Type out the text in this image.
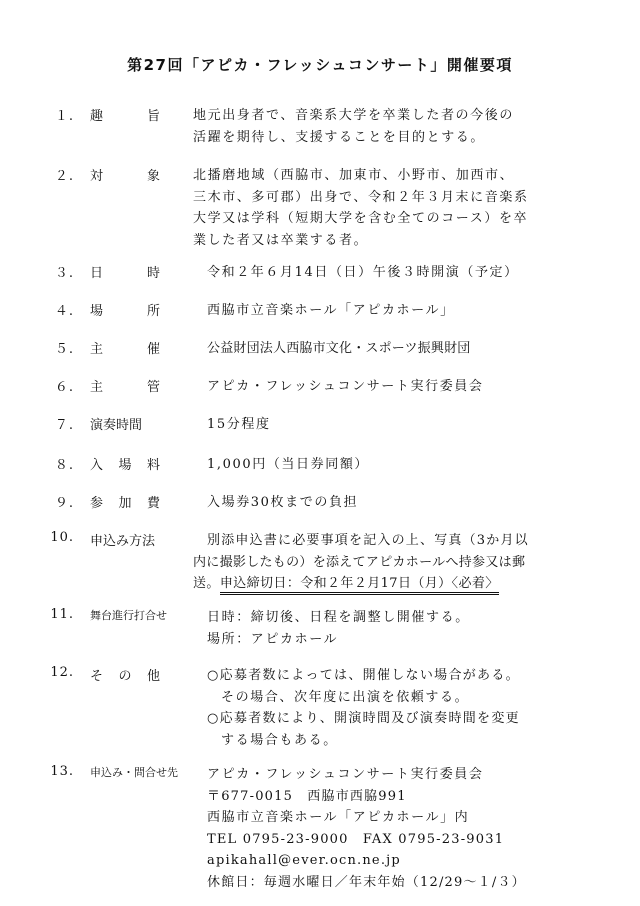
第27回「アピカ・フレッシュコンサート」開催要項
１. 趣	旨	地元出身者で、音楽系大学を卒業した者の今後の
活躍を期待し、支援することを目的とする。
２. 対	象	北播磨地域（西脇市、加東市、小野市、加西市、
三木市、多可郡）出身で、令和２年３月末に音楽系
大学又は学科（短期大学を含む全てのコース）を卒
業した者又は卒業する者。
３. 日	時	令和２年６月14日（日）午後３時開演（予定）
４. 場	所	西脇市立音楽ホール「アピカホール」
５. 主	催	公益財団法人西脇市文化・スポーツ振興財団
６. 主	管	アピカ・フレッシュコンサート実行委員会
７. 演奏時間	15分程度
８. 入 場 料	1,000円（当日券同額）
９. 参 加 費	入場券30枚までの負担
10. 申込み方法	別添申込書に必要事項を記入の上、写真（3か月以
内に撮影したもの）を添えてアピカホールへ持参又は郵
送。申込締切日：令和２年２月17日（月）〈必着〉
11. 舞台進行打合せ	日時：締切後、日程を調整し開催する。
場所：アピカホール
12. そ の 他	○応募者数によっては、開催しない場合がある。
その場合、次年度に出演を依頼する。
○応募者数により、開演時間及び演奏時間を変更
する場合もある。
13. 申込み・問合せ先 アピカ・フレッシュコンサート実行委員会
〒677-0015　西脇市西脇991
西脇市立音楽ホール「アピカホール」内
TEL 0795-23-9000　FAX 0795-23-9031
apikahall@ever.ocn.ne.jp
休館日：毎週水曜日／年末年始（12/29～１/３）
